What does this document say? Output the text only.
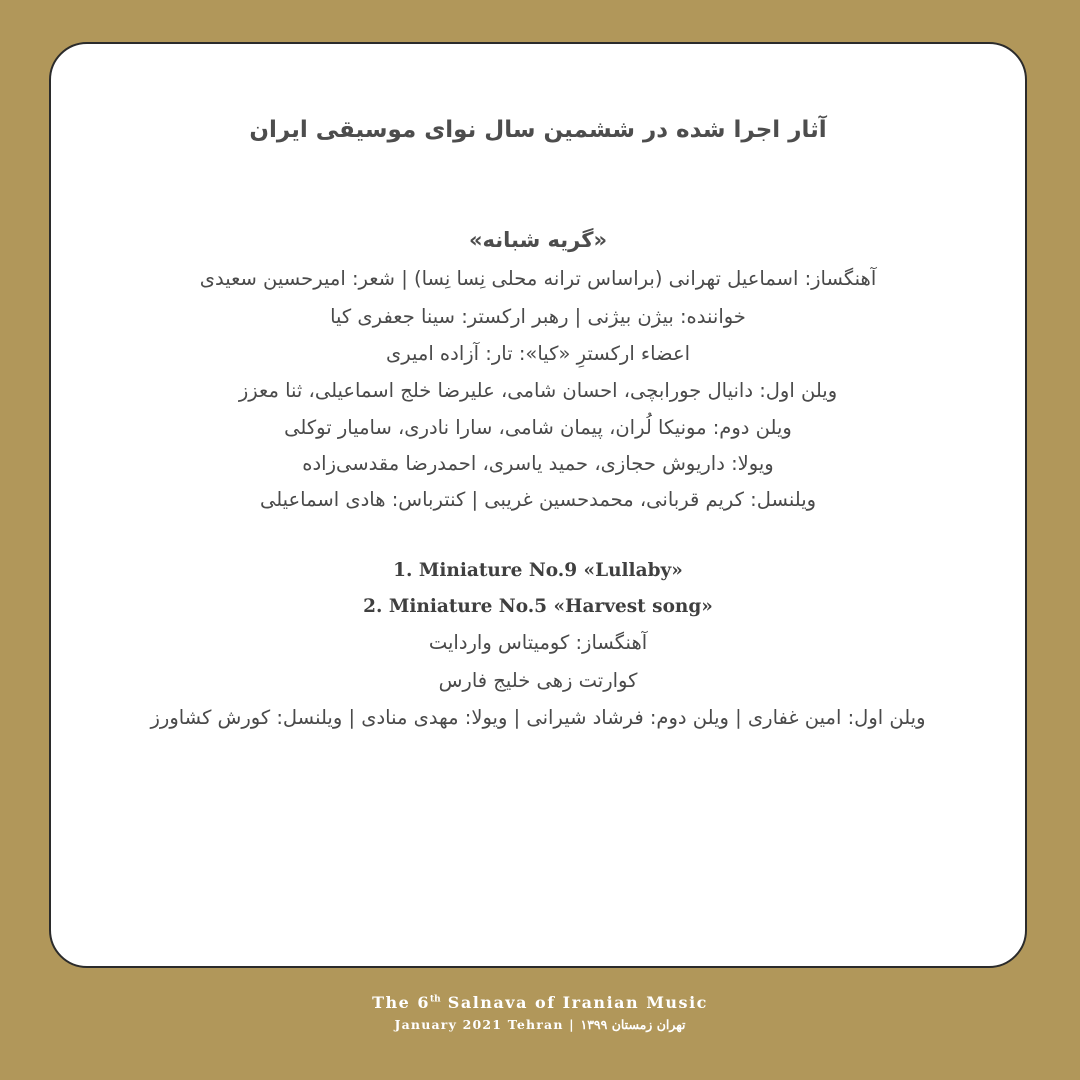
آثار اجرا شده در ششمین سال نوای موسیقی ایران
«گریه شبانه»
آهنگساز: اسماعیل تهرانی (براساس ترانه محلی نِسا نِسا) | شعر: امیرحسین سعیدی
خواننده: بیژن بیژنی | رهبر ارکستر: سینا جعفری کیا
اعضاء ارکسترِ «کیا»: تار: آزاده امیری
ویلن اول: دانیال جورابچی، احسان شامی، علیرضا خلج اسماعیلی، ثنا معزز
ویلن دوم: مونیکا لُران، پیمان شامی، سارا نادری، سامیار توکلی
ویولا: داریوش حجازی، حمید یاسری، احمدرضا مقدسی‌زاده
ویلنسل: کریم قربانی، محمدحسین غریبی | کنترباس: هادی اسماعیلی
1. Miniature No.9 «Lullaby»
2. Miniature No.5 «Harvest song»
آهنگساز: کومیتاس واردایت
کوارتت زهی خلیج فارس
ویلن اول: امین غفاری | ویلن دوم: فرشاد شیرانی | ویولا: مهدی منادی | ویلنسل: کورش کشاورز
The 6th Salnava of Iranian Music
January 2021 Tehran | تهران زمستان ۱۳۹۹
